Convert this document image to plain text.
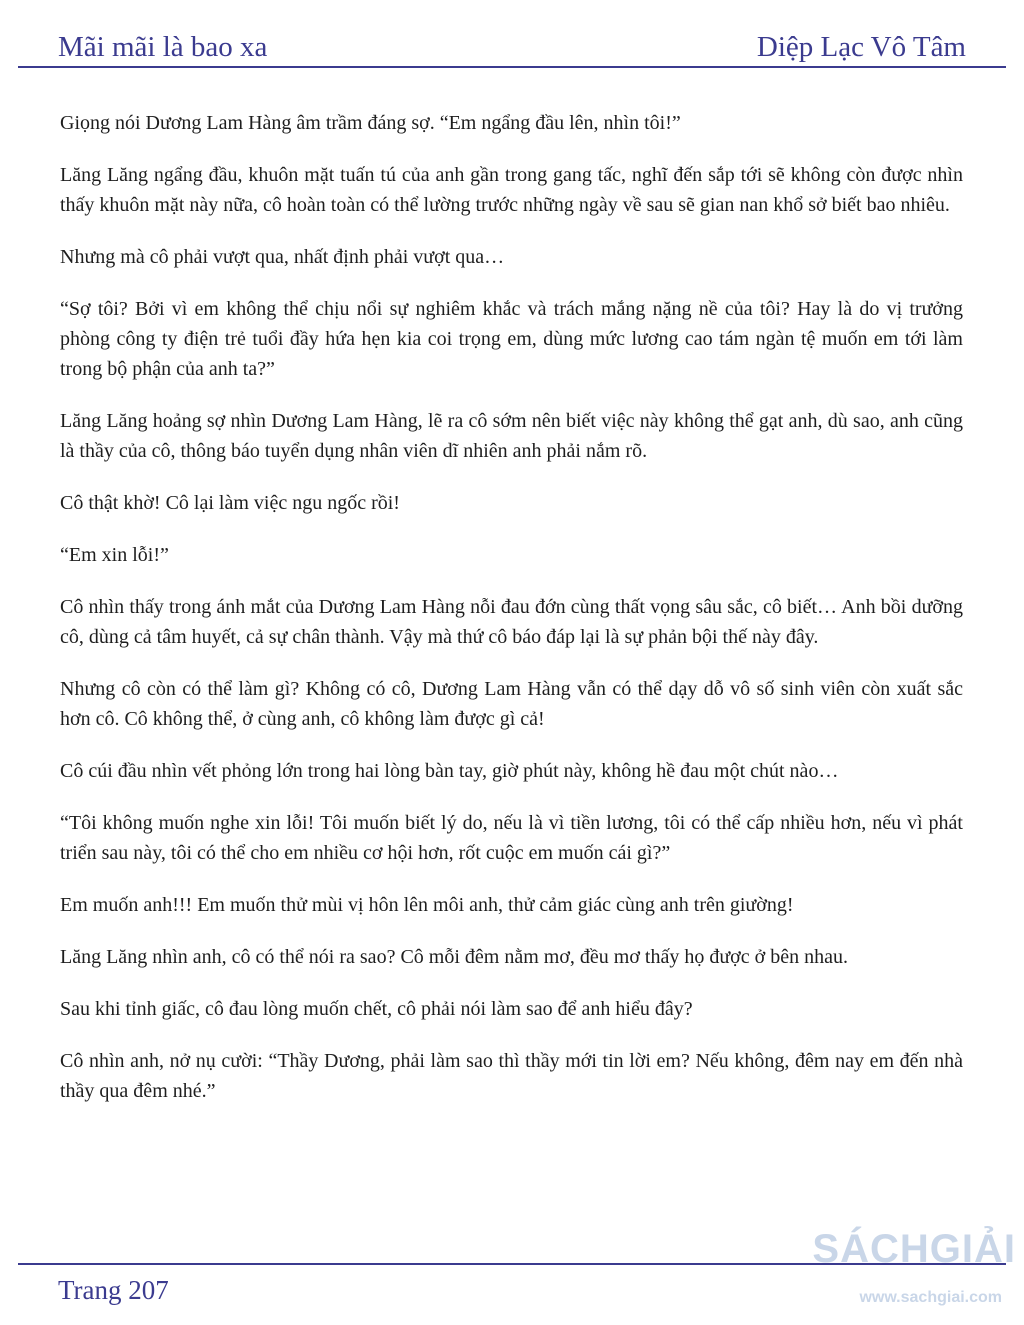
Mãi mãi là bao xa	Diệp Lạc Vô Tâm

Giọng nói Dương Lam Hàng âm trầm đáng sợ. “Em ngẩng đầu lên, nhìn tôi!”

Lăng Lăng ngẩng đầu, khuôn mặt tuấn tú của anh gần trong gang tấc, nghĩ đến sắp tới sẽ không còn được nhìn thấy khuôn mặt này nữa, cô hoàn toàn có thể lường trước những ngày về sau sẽ gian nan khổ sở biết bao nhiêu.

Nhưng mà cô phải vượt qua, nhất định phải vượt qua…

“Sợ tôi? Bởi vì em không thể chịu nổi sự nghiêm khắc và trách mắng nặng nề của tôi? Hay là do vị trưởng phòng công ty điện trẻ tuổi đầy hứa hẹn kia coi trọng em, dùng mức lương cao tám ngàn tệ muốn em tới làm trong bộ phận của anh ta?”

Lăng Lăng hoảng sợ nhìn Dương Lam Hàng, lẽ ra cô sớm nên biết việc này không thể gạt anh, dù sao, anh cũng là thầy của cô, thông báo tuyển dụng nhân viên dĩ nhiên anh phải nắm rõ.

Cô thật khờ! Cô lại làm việc ngu ngốc rồi!

“Em xin lỗi!”

Cô nhìn thấy trong ánh mắt của Dương Lam Hàng nỗi đau đớn cùng thất vọng sâu sắc, cô biết… Anh bồi dưỡng cô, dùng cả tâm huyết, cả sự chân thành. Vậy mà thứ cô báo đáp lại là sự phản bội thế này đây.

Nhưng cô còn có thể làm gì? Không có cô, Dương Lam Hàng vẫn có thể dạy dỗ vô số sinh viên còn xuất sắc hơn cô. Cô không thể, ở cùng anh, cô không làm được gì cả!

Cô cúi đầu nhìn vết phỏng lớn trong hai lòng bàn tay, giờ phút này, không hề đau một chút nào…

“Tôi không muốn nghe xin lỗi! Tôi muốn biết lý do, nếu là vì tiền lương, tôi có thể cấp nhiều hơn, nếu vì phát triển sau này, tôi có thể cho em nhiều cơ hội hơn, rốt cuộc em muốn cái gì?”

Em muốn anh!!! Em muốn thử mùi vị hôn lên môi anh, thử cảm giác cùng anh trên giường!

Lăng Lăng nhìn anh, cô có thể nói ra sao? Cô mỗi đêm nằm mơ, đều mơ thấy họ được ở bên nhau.

Sau khi tỉnh giấc, cô đau lòng muốn chết, cô phải nói làm sao để anh hiểu đây?

Cô nhìn anh, nở nụ cười: “Thầy Dương, phải làm sao thì thầy mới tin lời em? Nếu không, đêm nay em đến nhà thầy qua đêm nhé.”

Trang 207
SÁCHGIẢI
www.sachgiai.com
